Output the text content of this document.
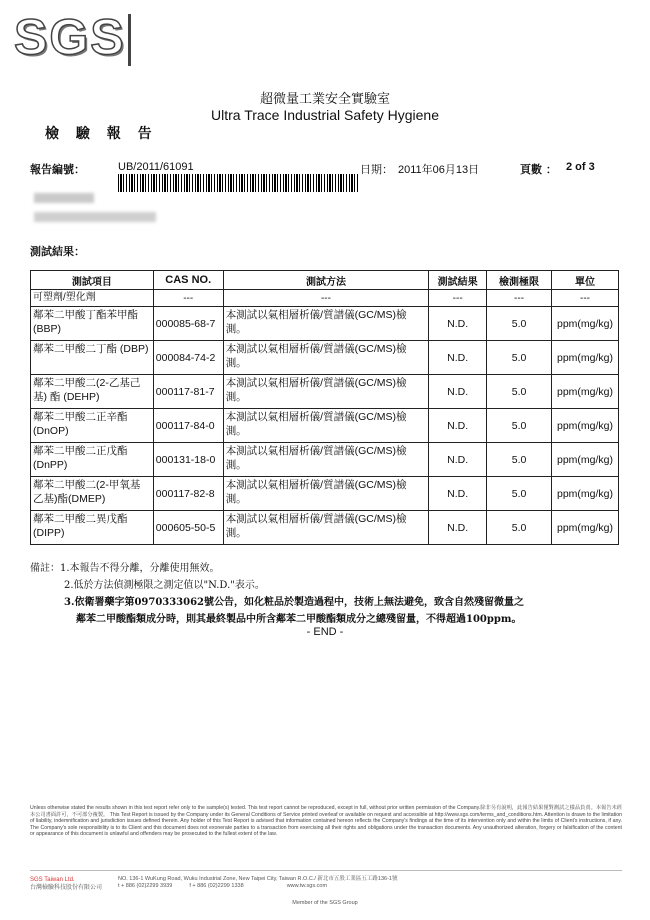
SGS
超微量工業安全實驗室
Ultra Trace Industrial Safety Hygiene
檢 驗 報 告
報告編號：	UB/2011/61091	日期： 2011年06月13日	頁數 ： 2 of 3
測試結果：
測試項目	CAS NO.	測試方法	測試結果	檢測極限	單位
可塑劑/塑化劑	---	---	---	---	---
鄰苯二甲酸丁酯苯甲酯 (BBP)	000085-68-7	本測試以氣相層析儀/質譜儀(GC/MS)檢測。	N.D.	5.0	ppm(mg/kg)
鄰苯二甲酸二丁酯 (DBP)	000084-74-2	本測試以氣相層析儀/質譜儀(GC/MS)檢測。	N.D.	5.0	ppm(mg/kg)
鄰苯二甲酸二(2-乙基己基) 酯 (DEHP)	000117-81-7	本測試以氣相層析儀/質譜儀(GC/MS)檢測。	N.D.	5.0	ppm(mg/kg)
鄰苯二甲酸二正辛酯 (DnOP)	000117-84-0	本測試以氣相層析儀/質譜儀(GC/MS)檢測。	N.D.	5.0	ppm(mg/kg)
鄰苯二甲酸二正戊酯 (DnPP)	000131-18-0	本測試以氣相層析儀/質譜儀(GC/MS)檢測。	N.D.	5.0	ppm(mg/kg)
鄰苯二甲酸二(2-甲氧基乙基)酯(DMEP)	000117-82-8	本測試以氣相層析儀/質譜儀(GC/MS)檢測。	N.D.	5.0	ppm(mg/kg)
鄰苯二甲酸二異戊酯 (DIPP)	000605-50-5	本測試以氣相層析儀/質譜儀(GC/MS)檢測。	N.D.	5.0	ppm(mg/kg)
備註：1.本報告不得分離，分離使用無效。
2.低於方法偵測極限之測定值以"N.D."表示。
3.依衛署藥字第0970333062號公告，如化粧品於製造過程中，技術上無法避免，致含自然殘留微量之
鄰苯二甲酸酯類成分時，則其最終製品中所含鄰苯二甲酸酯類成分之總殘留量，不得超過100ppm。
- END -
Unless otherwise stated the results shown in this test report refer only to the sample(s) tested. This test report cannot be reproduced, except in full, without prior written permission of the Company.除非另有說明，此報告結果僅對測試之樣品負責。本報告未經本公司書面許可，不可部分複製。 This Test Report is issued by the Company under its General Conditions of Service printed overleaf or available on request and accessible at http://www.sgs.com/terms_and_conditions.htm. Attention is drawn to the limitation of liability, indemnification and jurisdiction issues defined therein. Any holder of this Test Report is advised that information contained hereon reflects the Company's findings at the time of its intervention only and within the limits of Client's instructions, if any. The Company's sole responsibility is to its Client and this document does not exonerate parties to a transaction from exercising all their rights and obligations under the transaction documents. Any unauthorized alteration, forgery or falsification of the content or appearance of this document is unlawful and offenders may be prosecuted to the fullest extent of the law.
SGS Taiwan Ltd.
台灣檢驗科技股份有限公司
NO. 136-1 WuKung Road, Wuku Industrial Zone, New Taipei City, Taiwan R.O.C./ 新北市五股工業區五工路136-1號
t + 886 (02)2299 3939	f + 886 (02)2299 1338	www.tw.sgs.com
Member of the SGS Group
